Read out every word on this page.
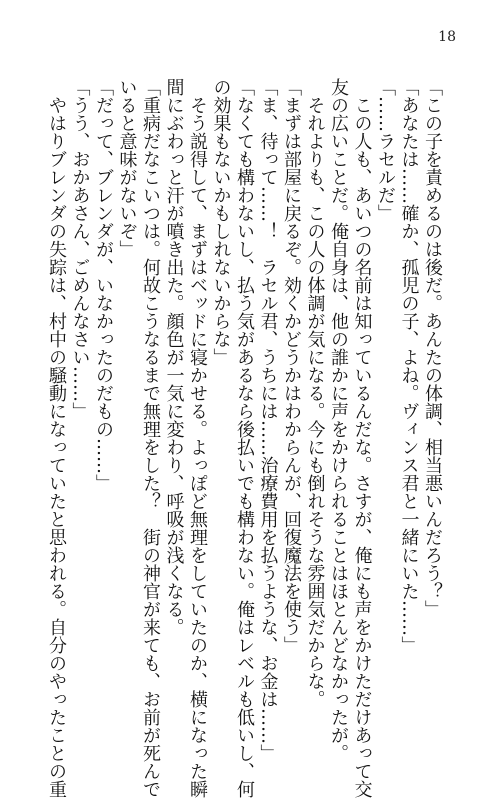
18

「この子を責めるのは後だ。あんたの体調、相当悪いんだろう？」

「あなたは……確か、孤児の子、よね。ヴィンス君と一緒にいた……」

「……ラセルだ」

　この人も、あいつの名前は知っているんだな。さすが、俺にも声をかけただけあって交

友の広いことだ。俺自身は、他の誰かに声をかけられることはほとんどなかったが。

　それよりも、この人の体調が気になる。今にも倒れそうな雰囲気だからな。

「まずは部屋に戻るぞ。効くかどうかはわからんが、回復魔法を使う」

「ま、待って……！　ラセル君、うちには……治療費用を払うような、お金は……」

「なくても構わないし、払う気があるなら後払いでも構わない。俺はレベルも低いし、何

の効果もないかもしれないからな」

　そう説得して、まずはベッドに寝かせる。よっぽど無理をしていたのか、横になった瞬

間にぶわっと汗が噴き出た。顔色が一気に変わり、呼吸が浅くなる。

「重病だなこいつは。何故こうなるまで無理をした？　街の神官が来ても、お前が死んで

いると意味がないぞ」

「だって、ブレンダが、いなかったのだもの……」

「うう、おかあさん、ごめんなさい……」

　やはりブレンダの失踪は、村中の騒動になっていたと思われる。自分のやったことの重
